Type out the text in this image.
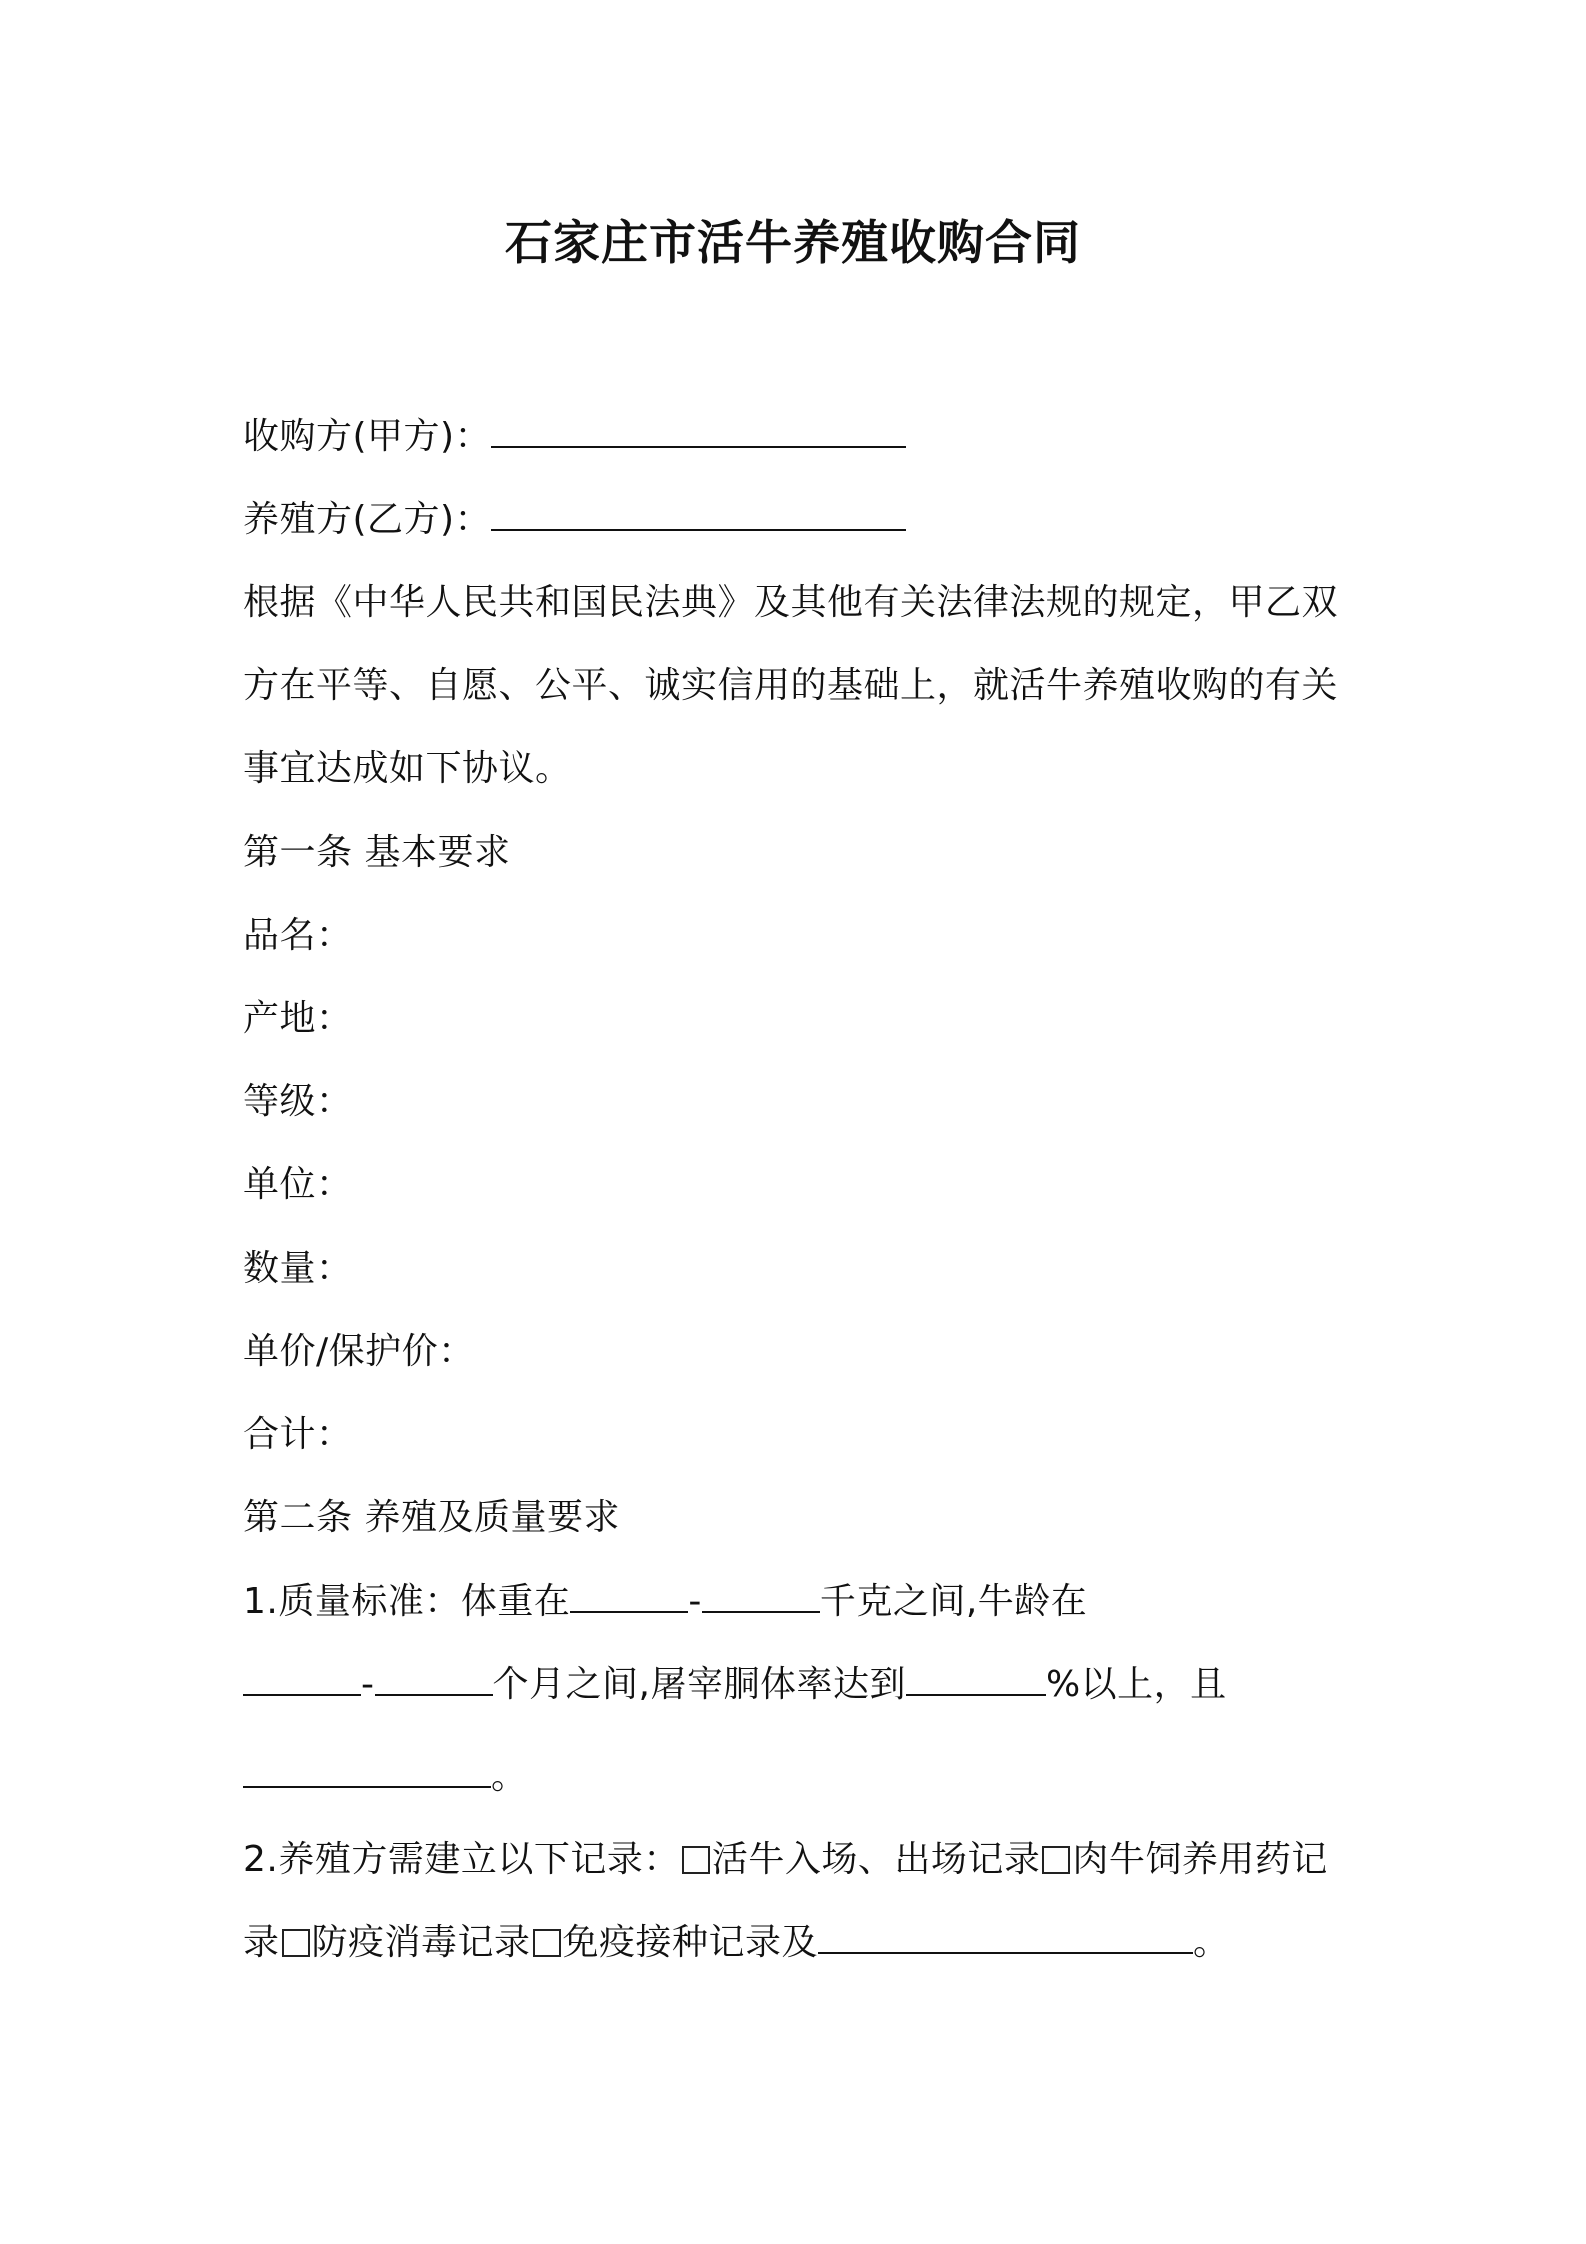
石家庄市活牛养殖收购合同
收购方(甲方)：
养殖方(乙方)：
根据《中华人民共和国民法典》及其他有关法律法规的规定，甲乙双
方在平等、自愿、公平、诚实信用的基础上，就活牛养殖收购的有关
事宜达成如下协议。
第一条 基本要求
品名：
产地：
等级：
单位：
数量：
单价/保护价：
合计：
第二条 养殖及质量要求
1.质量标准：体重在	-	千克之间,牛龄在
-	个月之间,屠宰胴体率达到	%以上，且
。
2.养殖方需建立以下记录： 活牛入场、出场记录 肉牛饲养用药记
录 防疫消毒记录 免疫接种记录及	。
